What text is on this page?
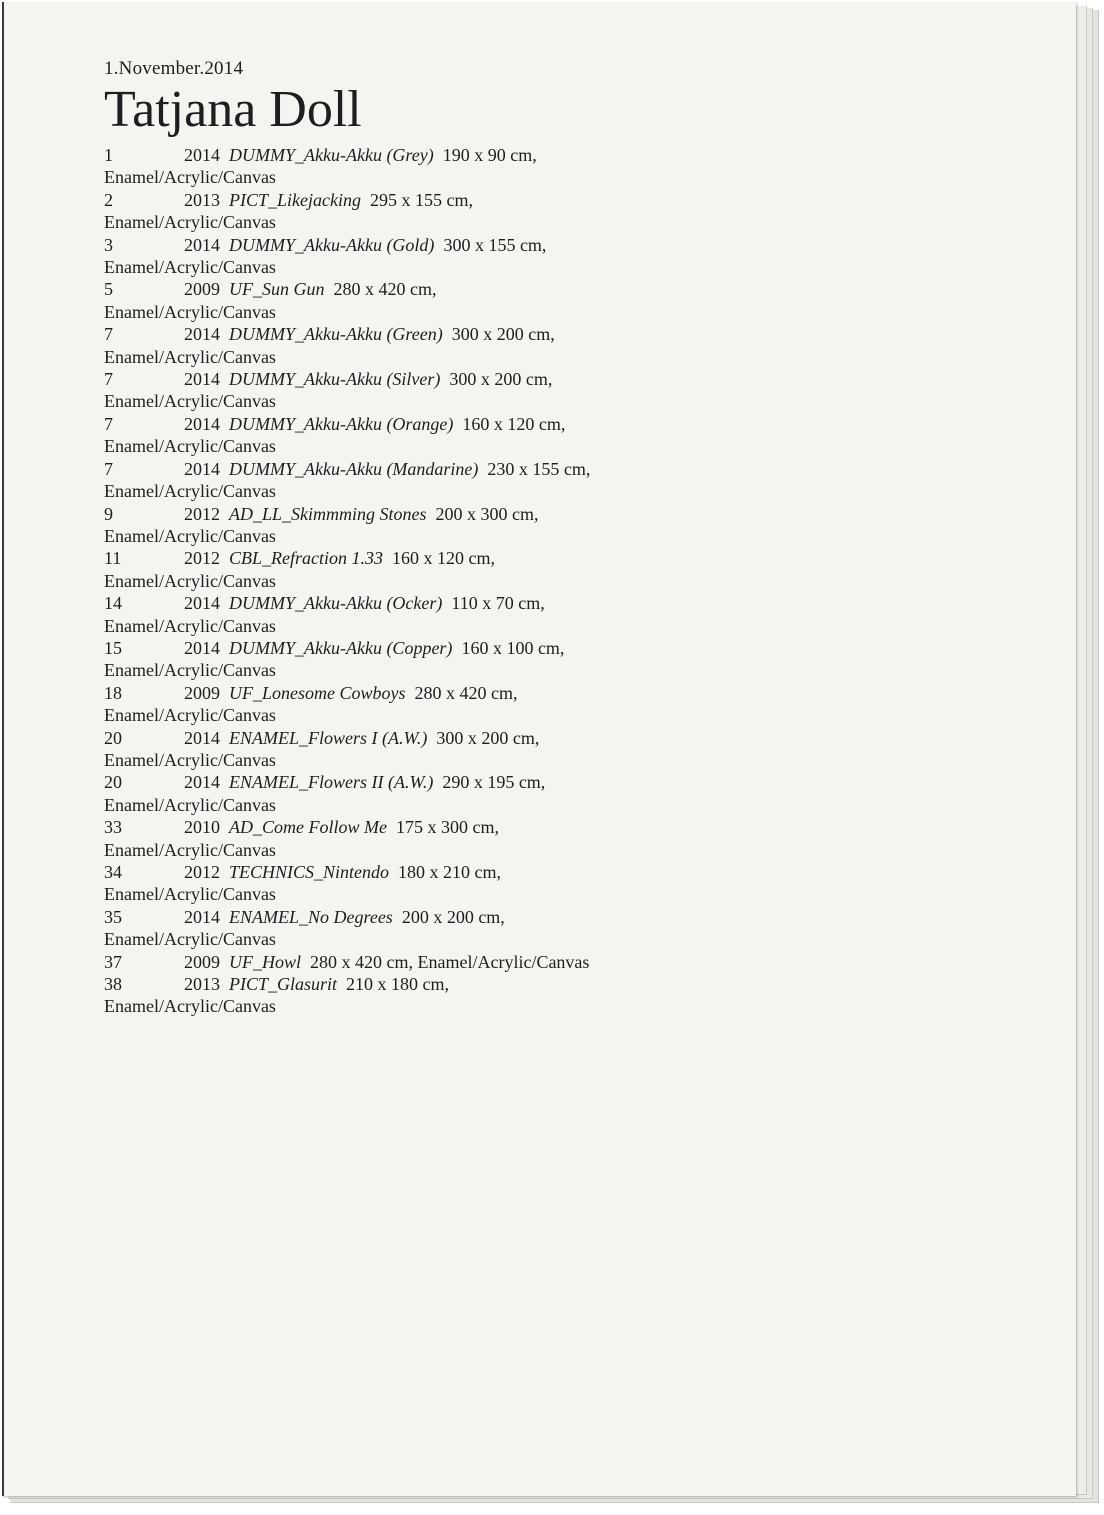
1.November.2014
Tatjana Doll
1	2014 DUMMY_Akku-Akku (Grey) 190 x 90 cm,
Enamel/Acrylic/Canvas
2	2013 PICT_Likejacking 295 x 155 cm,
Enamel/Acrylic/Canvas
3	2014 DUMMY_Akku-Akku (Gold) 300 x 155 cm,
Enamel/Acrylic/Canvas
5	2009 UF_Sun Gun 280 x 420 cm,
Enamel/Acrylic/Canvas
7	2014 DUMMY_Akku-Akku (Green) 300 x 200 cm,
Enamel/Acrylic/Canvas
7	2014 DUMMY_Akku-Akku (Silver) 300 x 200 cm,
Enamel/Acrylic/Canvas
7	2014 DUMMY_Akku-Akku (Orange) 160 x 120 cm,
Enamel/Acrylic/Canvas
7	2014 DUMMY_Akku-Akku (Mandarine) 230 x 155 cm,
Enamel/Acrylic/Canvas
9	2012 AD_LL_Skimmming Stones 200 x 300 cm,
Enamel/Acrylic/Canvas
11	2012 CBL_Refraction 1.33 160 x 120 cm,
Enamel/Acrylic/Canvas
14	2014 DUMMY_Akku-Akku (Ocker) 110 x 70 cm,
Enamel/Acrylic/Canvas
15	2014 DUMMY_Akku-Akku (Copper) 160 x 100 cm,
Enamel/Acrylic/Canvas
18	2009 UF_Lonesome Cowboys 280 x 420 cm,
Enamel/Acrylic/Canvas
20	2014 ENAMEL_Flowers I (A.W.) 300 x 200 cm,
Enamel/Acrylic/Canvas
20	2014 ENAMEL_Flowers II (A.W.) 290 x 195 cm,
Enamel/Acrylic/Canvas
33	2010 AD_Come Follow Me 175 x 300 cm,
Enamel/Acrylic/Canvas
34	2012 TECHNICS_Nintendo 180 x 210 cm,
Enamel/Acrylic/Canvas
35	2014 ENAMEL_No Degrees 200 x 200 cm,
Enamel/Acrylic/Canvas
37	2009 UF_Howl 280 x 420 cm, Enamel/Acrylic/Canvas
38	2013 PICT_Glasurit 210 x 180 cm,
Enamel/Acrylic/Canvas
